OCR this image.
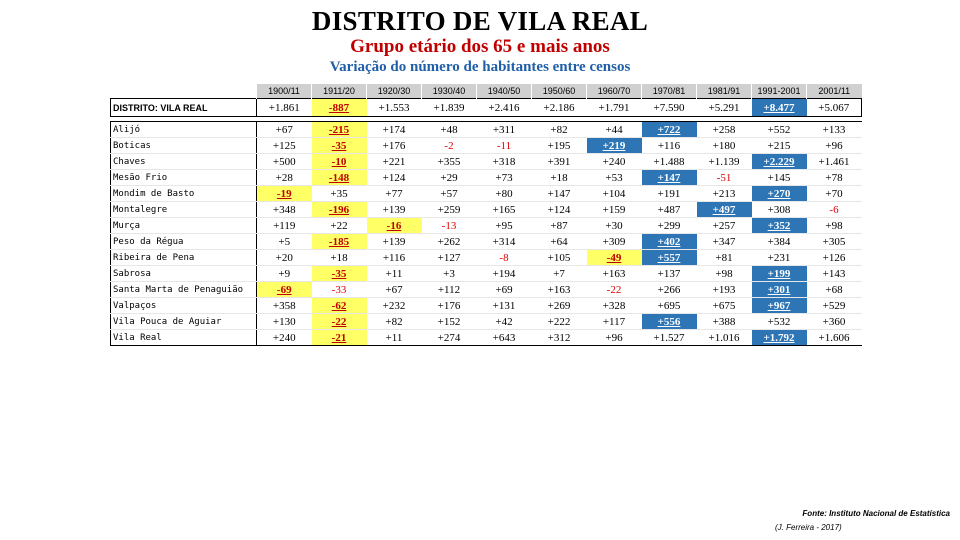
DISTRITO DE VILA REAL
Grupo etário dos 65 e mais anos
Variação do número de habitantes entre censos
	1900/11	1911/20	1920/30	1930/40	1940/50	1950/60	1960/70	1970/81	1981/91	1991-2001	2001/11
DISTRITO: VILA REAL	+1.861	-887	+1.553	+1.839	+2.416	+2.186	+1.791	+7.590	+5.291	+8.477	+5.067

Alijó	+67	-215	+174	+48	+311	+82	+44	+722	+258	+552	+133
Boticas	+125	-35	+176	-2	-11	+195	+219	+116	+180	+215	+96
Chaves	+500	-10	+221	+355	+318	+391	+240	+1.488	+1.139	+2.229	+1.461
Mesão Frio	+28	-148	+124	+29	+73	+18	+53	+147	-51	+145	+78
Mondim de Basto	-19	+35	+77	+57	+80	+147	+104	+191	+213	+270	+70
Montalegre	+348	-196	+139	+259	+165	+124	+159	+487	+497	+308	-6
Murça	+119	+22	-16	-13	+95	+87	+30	+299	+257	+352	+98
Peso da Régua	+5	-185	+139	+262	+314	+64	+309	+402	+347	+384	+305
Ribeira de Pena	+20	+18	+116	+127	-8	+105	-49	+557	+81	+231	+126
Sabrosa	+9	-35	+11	+3	+194	+7	+163	+137	+98	+199	+143
Santa Marta de Penaguião	-69	-33	+67	+112	+69	+163	-22	+266	+193	+301	+68
Valpaços	+358	-62	+232	+176	+131	+269	+328	+695	+675	+967	+529
Vila Pouca de Aguiar	+130	-22	+82	+152	+42	+222	+117	+556	+388	+532	+360
Vila Real	+240	-21	+11	+274	+643	+312	+96	+1.527	+1.016	+1.792	+1.606
Fonte: Instituto Nacional de Estatística
(J. Ferreira - 2017)
